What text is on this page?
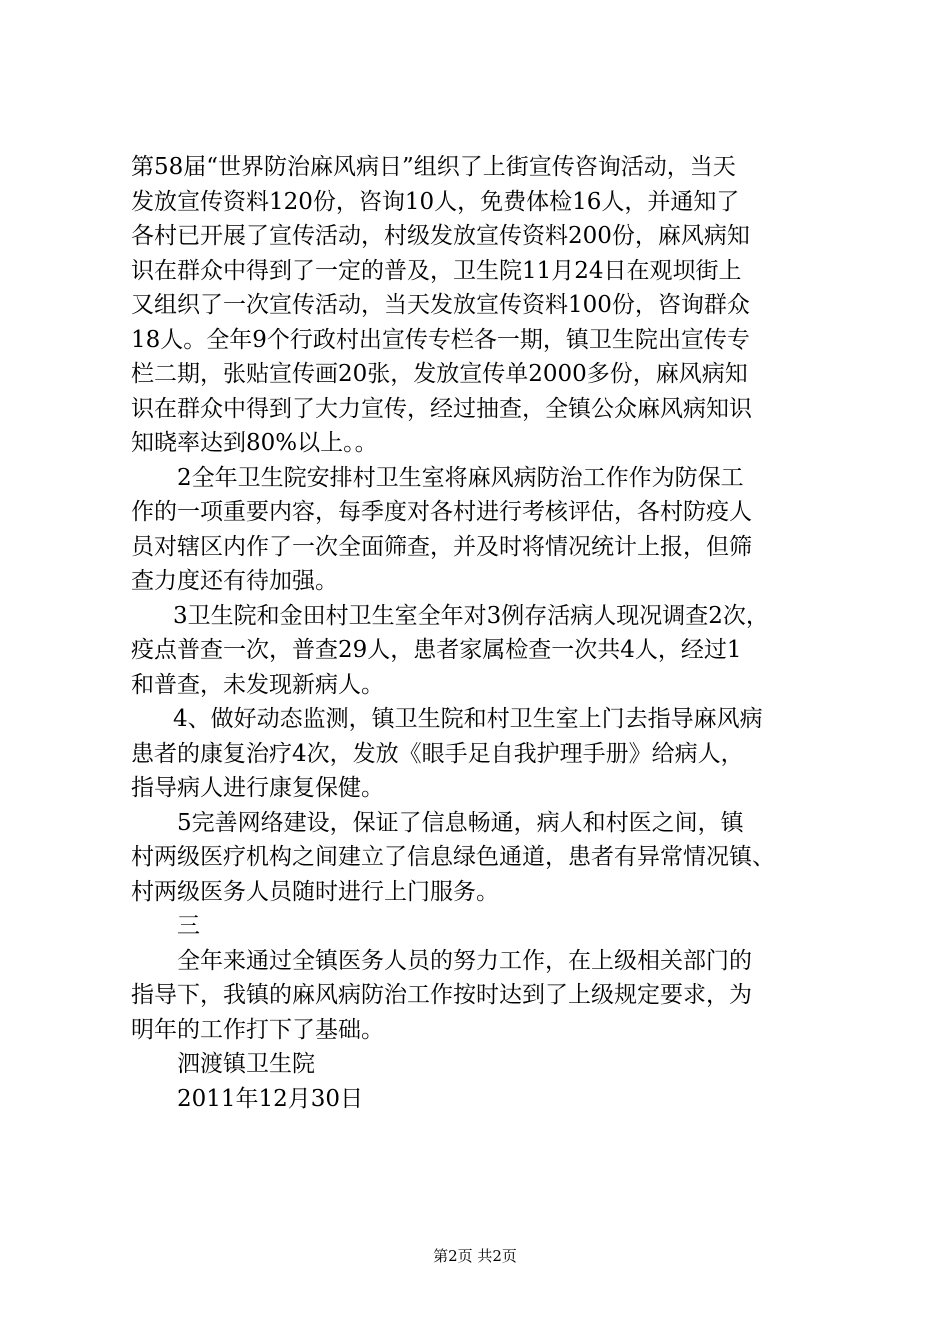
第58届“世界防治麻风病日”组织了上街宣传咨询活动，当天
发放宣传资料120份，咨询10人，免费体检16人，并通知了
各村已开展了宣传活动，村级发放宣传资料200份，麻风病知
识在群众中得到了一定的普及，卫生院11月24日在观坝街上
又组织了一次宣传活动，当天发放宣传资料100份，咨询群众
18人。全年9个行政村出宣传专栏各一期，镇卫生院出宣传专
栏二期，张贴宣传画20张，发放宣传单2000多份，麻风病知
识在群众中得到了大力宣传，经过抽查，全镇公众麻风病知识
知晓率达到80%以上。。
2全年卫生院安排村卫生室将麻风病防治工作作为防保工
作的一项重要内容，每季度对各村进行考核评估，各村防疫人
员对辖区内作了一次全面筛查，并及时将情况统计上报，但筛
查力度还有待加强。
3卫生院和金田村卫生室全年对3例存活病人现况调查2次，
疫点普查一次，普查29人，患者家属检查一次共4人，经过1
和普查，未发现新病人。
4、做好动态监测，镇卫生院和村卫生室上门去指导麻风病
患者的康复治疗4次，发放《眼手足自我护理手册》给病人，
指导病人进行康复保健。
5完善网络建设，保证了信息畅通，病人和村医之间，镇
村两级医疗机构之间建立了信息绿色通道，患者有异常情况镇、
村两级医务人员随时进行上门服务。
三
全年来通过全镇医务人员的努力工作，在上级相关部门的
指导下，我镇的麻风病防治工作按时达到了上级规定要求，为
明年的工作打下了基础。
泗渡镇卫生院
2011年12月30日
第2页 共2页
